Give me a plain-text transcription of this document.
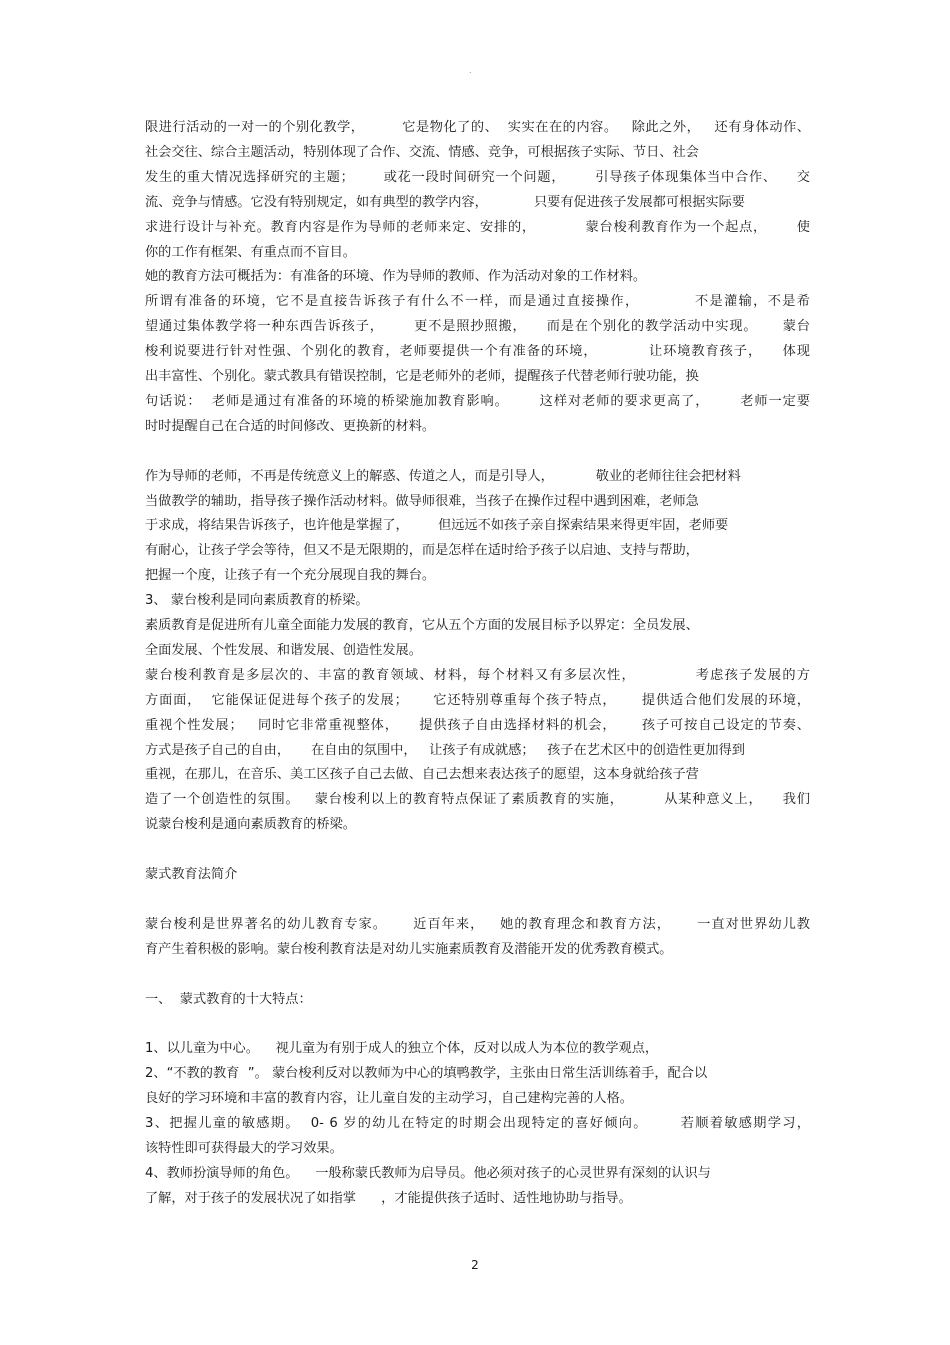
.
限进行活动的一对一的个别化教学，        它是物化了的、  实实在在的内容。   除此之外，   还有身体动作、
社会交往、综合主题活动，特别体现了合作、交流、情感、竞争，可根据孩子实际、节日、社会
发生的重大情况选择研究的主题；      或花一段时间研究一个问题，      引导孩子体现集体当中合作、    交
流、竞争与情感。它没有特别规定，如有典型的教学内容，           只要有促进孩子发展都可根据实际要
求进行设计与补充。教育内容是作为导师的老师来定、安排的，          蒙台梭利教育作为一个起点，      使
你的工作有框架、有重点而不盲目。
她的教育方法可概括为：有准备的环境、作为导师的教师、作为活动对象的工作材料。
所谓有准备的环境，它不是直接告诉孩子有什么不一样，而是通过直接操作，          不是灌输，不是希
望通过集体教学将一种东西告诉孩子，      更不是照抄照搬，    而是在个别化的教学活动中实现。     蒙台
梭利说要进行针对性强、个别化的教育，老师要提供一个有准备的环境，          让环境教育孩子，    体现
出丰富性、个别化。蒙式教具有错误控制，它是老师外的老师，提醒孩子代替老师行驶功能，换
句话说：  老师是通过有准备的环境的桥梁施加教育影响。      这样对老师的要求更高了，      老师一定要
时时提醒自己在合适的时间修改、更换新的材料。
作为导师的老师，不再是传统意义上的解惑、传道之人，而是引导人，          敬业的老师往往会把材料
当做教学的辅助，指导孩子操作活动材料。做导师很难，当孩子在操作过程中遇到困难，老师急
于求成，将结果告诉孩子，也许他是掌握了，       但远远不如孩子亲自探索结果来得更牢固，老师要
有耐心，让孩子学会等待，但又不是无限期的，而是怎样在适时给予孩子以启迪、支持与帮助，
把握一个度，让孩子有一个充分展现自我的舞台。
3、 蒙台梭利是同向素质教育的桥梁。
素质教育是促进所有儿童全面能力发展的教育，它从五个方面的发展目标予以界定：全员发展、
全面发展、个性发展、和谐发展、创造性发展。
蒙台梭利教育是多层次的、丰富的教育领域、材料，每个材料又有多层次性，           考虑孩子发展的方
方面面，  它能保证促进每个孩子的发展；     它还特别尊重每个孩子特点，     提供适合他们发展的环境，
重视个性发展；   同时它非常重视整体，    提供孩子自由选择材料的机会，     孩子可按自己设定的节奏、
方式是孩子自己的自由，     在自由的氛围中，   让孩子有成就感；   孩子在艺术区中的创造性更加得到
重视，在那儿，在音乐、美工区孩子自己去做、自己去想来表达孩子的愿望，这本身就给孩子营
造了一个创造性的氛围。   蒙台梭利以上的教育特点保证了素质教育的实施，        从某种意义上，    我们
说蒙台梭利是通向素质教育的桥梁。
蒙式教育法简介
蒙台梭利是世界著名的幼儿教育专家。     近百年来，   她的教育理念和教育方法，     一直对世界幼儿教
育产生着积极的影响。蒙台梭利教育法是对幼儿实施素质教育及潜能开发的优秀教育模式。
一、  蒙式教育的十大特点：
1、以儿童为中心。    视儿童为有别于成人的独立个体，反对以成人为本位的教学观点，
2、“不教的教育  ”。 蒙台梭利反对以教师为中心的填鸭教学，主张由日常生活训练着手，配合以
良好的学习环境和丰富的教育内容，让儿童自发的主动学习，自己建构完善的人格。
3、把握儿童的敏感期。  0- 6 岁的幼儿在特定的时期会出现特定的喜好倾向。      若顺着敏感期学习，
该特性即可获得最大的学习效果。
4、教师扮演导师的角色。    一般称蒙氏教师为启导员。他必须对孩子的心灵世界有深刻的认识与
了解，对于孩子的发展状况了如指掌      ，才能提供孩子适时、适性地协助与指导。
2
